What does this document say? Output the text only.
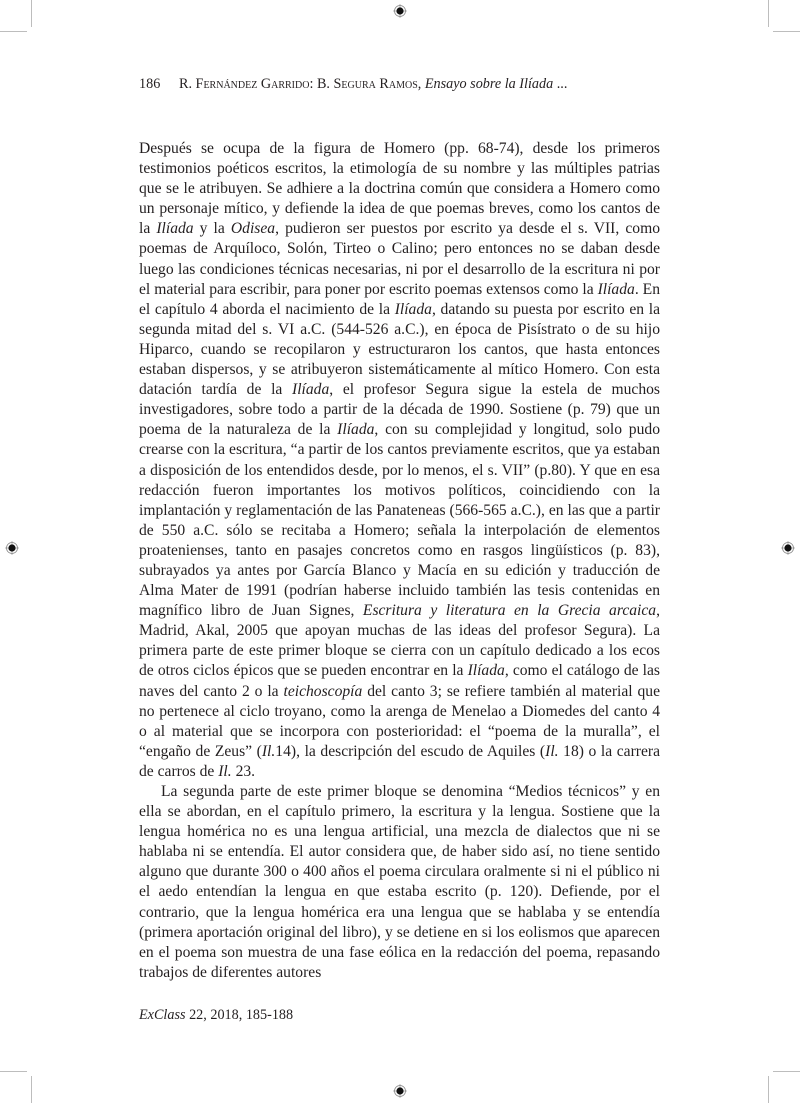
186 R. Fernández Garrido: B. Segura Ramos, Ensayo sobre la Ilíada ...

Después se ocupa de la figura de Homero (pp. 68-74), desde los primeros testimonios poéticos escritos, la etimología de su nombre y las múltiples patrias que se le atribuyen. Se adhiere a la doctrina común que considera a Homero como un personaje mítico, y defiende la idea de que poemas breves, como los cantos de la Ilíada y la Odisea, pudieron ser puestos por escrito ya desde el s. VII, como poemas de Arquíloco, Solón, Tirteo o Calino; pero entonces no se daban desde luego las condiciones técnicas necesarias, ni por el desarrollo de la escritura ni por el material para escribir, para poner por escrito poemas extensos como la Ilíada. En el capítulo 4 aborda el nacimiento de la Ilíada, datando su puesta por escrito en la segunda mitad del s. VI a.C. (544-526 a.C.), en época de Pisístrato o de su hijo Hiparco, cuando se recopilaron y estructuraron los cantos, que hasta entonces estaban dispersos, y se atribuyeron sistemáticamente al mítico Homero. Con esta datación tardía de la Ilíada, el profesor Segura sigue la estela de muchos investigadores, sobre todo a partir de la década de 1990. Sostiene (p. 79) que un poema de la naturaleza de la Ilíada, con su complejidad y longitud, solo pudo crearse con la escritura, “a partir de los cantos previamente escritos, que ya estaban a disposición de los entendidos desde, por lo menos, el s. VII” (p.80). Y que en esa redacción fueron importantes los motivos políticos, coincidiendo con la implantación y reglamentación de las Panateneas (566-565 a.C.), en las que a partir de 550 a.C. sólo se recitaba a Homero; señala la interpolación de elementos proatenienses, tanto en pasajes concretos como en rasgos lingüísticos (p. 83), subrayados ya antes por García Blanco y Macía en su edición y traducción de Alma Mater de 1991 (podrían haberse incluido también las tesis contenidas en magnífico libro de Juan Signes, Escritura y literatura en la Grecia arcaica, Madrid, Akal, 2005 que apoyan muchas de las ideas del profesor Segura). La primera parte de este primer bloque se cierra con un capítulo dedicado a los ecos de otros ciclos épicos que se pueden encontrar en la Ilíada, como el catálogo de las naves del canto 2 o la teichoscopía del canto 3; se refiere también al material que no pertenece al ciclo troyano, como la arenga de Menelao a Diomedes del canto 4 o al material que se incorpora con posterioridad: el “poema de la muralla”, el “engaño de Zeus” (Il.14), la descripción del escudo de Aquiles (Il. 18) o la carrera de carros de Il. 23.

La segunda parte de este primer bloque se denomina “Medios técnicos” y en ella se abordan, en el capítulo primero, la escritura y la lengua. Sostiene que la lengua homérica no es una lengua artificial, una mezcla de dialectos que ni se hablaba ni se entendía. El autor considera que, de haber sido así, no tiene sentido alguno que durante 300 o 400 años el poema circulara oralmente si ni el público ni el aedo entendían la lengua en que estaba escrito (p. 120). Defiende, por el contrario, que la lengua homérica era una lengua que se hablaba y se entendía (primera aportación original del libro), y se detiene en si los eolismos que aparecen en el poema son muestra de una fase eólica en la redacción del poema, repasando trabajos de diferentes autores

ExClass 22, 2018, 185-188
